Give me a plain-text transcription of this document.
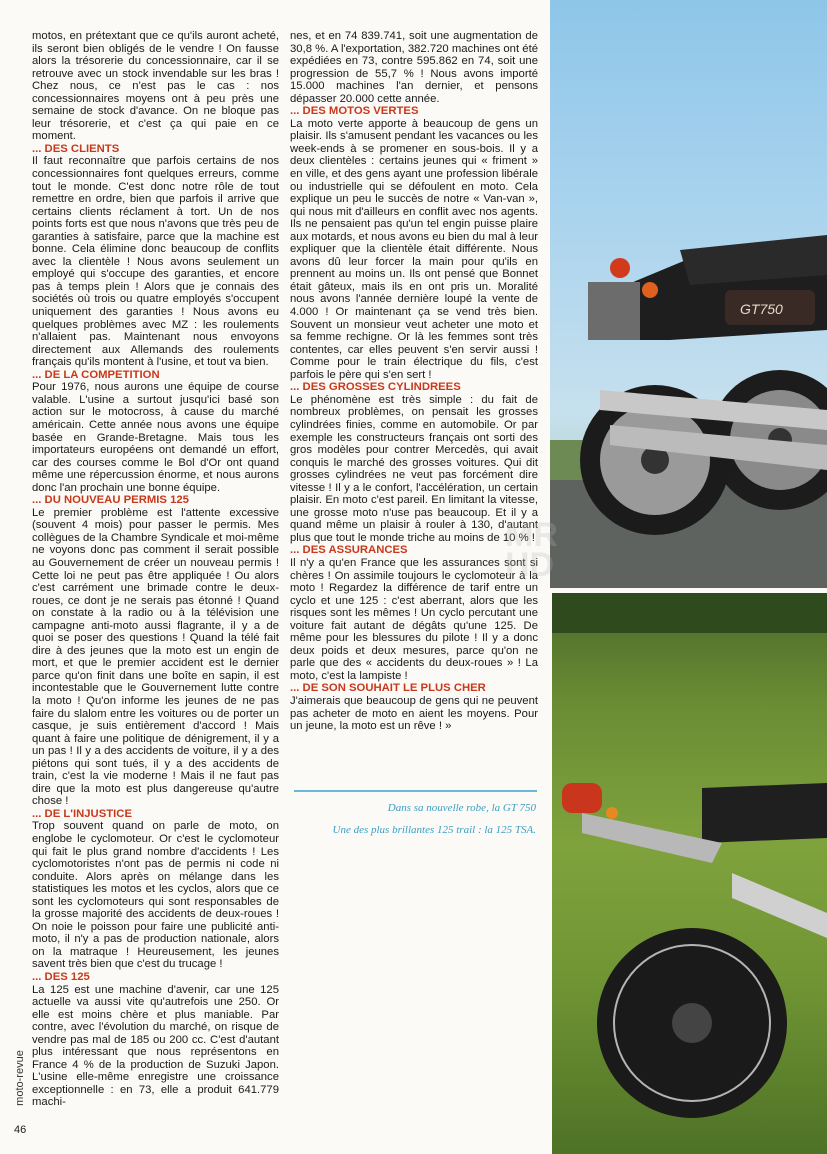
moto-revue
46

motos, en prétextant que ce qu'ils auront acheté, ils seront bien obligés de le vendre ! On fausse alors la trésorerie du concessionnaire, car il se retrouve avec un stock invendable sur les bras ! Chez nous, ce n'est pas le cas : nos concessionnaires moyens ont à peu près une semaine de stock d'avance. On ne bloque pas leur trésorerie, et c'est ça qui paie en ce moment.

... DES CLIENTS

Il faut reconnaître que parfois certains de nos concessionnaires font quelques erreurs, comme tout le monde. C'est donc notre rôle de tout remettre en ordre, bien que parfois il arrive que certains clients réclament à tort. Un de nos points forts est que nous n'avons que très peu de garanties à satisfaire, parce que la machine est bonne. Cela élimine donc beaucoup de conflits avec la clientèle ! Nous avons seulement un employé qui s'occupe des garanties, et encore pas à temps plein ! Alors que je connais des sociétés où trois ou quatre employés s'occupent uniquement des garanties ! Nous avons eu quelques problèmes avec MZ : les roulements n'allaient pas. Maintenant nous envoyons directement aux Allemands des roulements français qu'ils montent à l'usine, et tout va bien.

... DE LA COMPETITION

Pour 1976, nous aurons une équipe de course valable. L'usine a surtout jusqu'ici basé son action sur le motocross, à cause du marché américain. Cette année nous avons une équipe basée en Grande-Bretagne. Mais tous les importateurs européens ont demandé un effort, car des courses comme le Bol d'Or ont quand même une répercussion énorme, et nous aurons donc l'an prochain une bonne équipe.

... DU NOUVEAU PERMIS 125

Le premier problème est l'attente excessive (souvent 4 mois) pour passer le permis. Mes collègues de la Chambre Syndicale et moi-même ne voyons donc pas comment il serait possible au Gouvernement de créer un nouveau permis ! Cette loi ne peut pas être appliquée ! Ou alors c'est carrément une brimade contre le deux-roues, ce dont je ne serais pas étonné ! Quand on constate à la radio ou à la télévision une campagne anti-moto aussi flagrante, il y a de quoi se poser des questions ! Quand la télé fait dire à des jeunes que la moto est un engin de mort, et que le premier accident est le dernier parce qu'on finit dans une boîte en sapin, il est incontestable que le Gouvernement lutte contre la moto ! Qu'on informe les jeunes de ne pas faire du slalom entre les voitures ou de porter un casque, je suis entièrement d'accord ! Mais quant à faire une politique de dénigrement, il y a un pas ! Il y a des accidents de voiture, il y a des piétons qui sont tués, il y a des accidents de train, c'est la vie moderne ! Mais il ne faut pas dire que la moto est plus dangereuse qu'autre chose !

... DE L'INJUSTICE

Trop souvent quand on parle de moto, on englobe le cyclomoteur. Or c'est le cyclomoteur qui fait le plus grand nombre d'accidents ! Les cyclomotoristes n'ont pas de permis ni code ni conduite. Alors après on mélange dans les statistiques les motos et les cyclos, alors que ce sont les cyclomoteurs qui sont responsables de la grosse majorité des accidents de deux-roues ! On noie le poisson pour faire une publicité anti-moto, il n'y a pas de production nationale, alors on la matraque ! Heureusement, les jeunes savent très bien que c'est du trucage !

... DES 125

La 125 est une machine d'avenir, car une 125 actuelle va aussi vite qu'autrefois une 250. Or elle est moins chère et plus maniable. Par contre, avec l'évolution du marché, on risque de vendre pas mal de 185 ou 200 cc. C'est d'autant plus intéressant que nous représentons en France 4 % de la production de Suzuki Japon. L'usine elle-même enregistre une croissance exceptionnelle : en 73, elle a produit 641.779 machi-

nes, et en 74 839.741, soit une augmentation de 30,8 %. A l'exportation, 382.720 machines ont été expédiées en 73, contre 595.862 en 74, soit une progression de 55,7 % ! Nous avons importé 15.000 machines l'an dernier, et pensons dépasser 20.000 cette année.

... DES MOTOS VERTES

La moto verte apporte à beaucoup de gens un plaisir. Ils s'amusent pendant les vacances ou les week-ends à se promener en sous-bois. Il y a deux clientèles : certains jeunes qui « friment » en ville, et des gens ayant une profession libérale ou industrielle qui se défoulent en moto. Cela explique un peu le succès de notre « Van-van », qui nous mit d'ailleurs en conflit avec nos agents. Ils ne pensaient pas qu'un tel engin puisse plaire aux motards, et nous avons eu bien du mal à leur expliquer que la clientèle était différente. Nous avons dû leur forcer la main pour qu'ils en prennent au moins un. Ils ont pensé que Bonnet était gâteux, mais ils en ont pris un. Moralité nous avons l'année dernière loupé la vente de 4.000 ! Or maintenant ça se vend très bien. Souvent un monsieur veut acheter une moto et sa femme rechigne. Or là les femmes sont très contentes, car elles peuvent s'en servir aussi ! Comme pour le train électrique du fils, c'est parfois le père qui s'en sert !

... DES GROSSES CYLINDREES

Le phénomène est très simple : du fait de nombreux problèmes, on pensait les grosses cylindrées finies, comme en automobile. Or par exemple les constructeurs français ont sorti des gros modèles pour contrer Mercedès, qui avait conquis le marché des grosses voitures. Qui dit grosses cylindrées ne veut pas forcément dire vitesse ! Il y a le confort, l'accélération, un certain plaisir. En moto c'est pareil. En limitant la vitesse, une grosse moto n'use pas beaucoup. Et il y a quand même un plaisir à rouler à 130, d'autant plus que tout le monde triche au moins de 10 % !

... DES ASSURANCES

Il n'y a qu'en France que les assurances sont si chères ! On assimile toujours le cyclomoteur à la moto ! Regardez la différence de tarif entre un cyclo et une 125 : c'est aberrant, alors que les risques sont les mêmes ! Un cyclo percutant une voiture fait autant de dégâts qu'une 125. De même pour les blessures du pilote ! Il y a donc deux poids et deux mesures, parce qu'on ne parle que des « accidents du deux-roues » ! La moto, c'est la lampiste !

... DE SON SOUHAIT LE PLUS CHER

J'aimerais que beaucoup de gens qui ne peuvent pas acheter de moto en aient les moyens. Pour un jeune, la moto est un rêve ! »

Dans sa nouvelle robe, la GT 750
Une des plus brillantes 125 trail : la 125 TSA.
GT750
MR
HD
